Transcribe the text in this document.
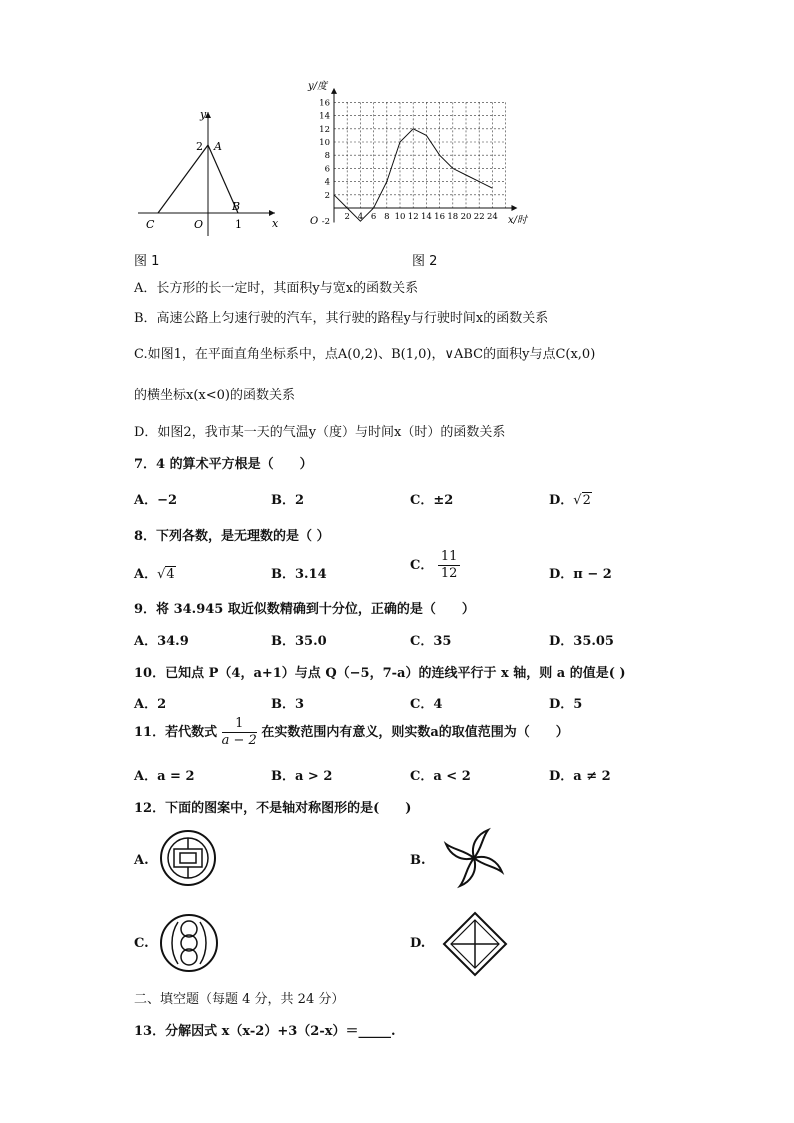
y
x
O
C
B
A
2
1
图 1
2 4 6 8 10 12 14 16 18 20 22 24
16
14
12
10
8
6
4
2
-2
y/度
x/时
O
图 2
A．长方形的长一定时，其面积y与宽x的函数关系
B．高速公路上匀速行驶的汽车，其行驶的路程y与行驶时间x的函数关系
C.如图1，在平面直角坐标系中，点A(0,2)、B(1,0)，∨ABC的面积y与点C(x,0)
的横坐标x(x<0)的函数关系
D．如图2，我市某一天的气温y（度）与时间x（时）的函数关系
7．4 的算术平方根是（　　）
A．−2	B．2	C．±2	D．√2
8．下列各数，是无理数的是（ ）
A．√4	B．3.14
C． $\frac{11}{12}$	D．π − 2
9．将 34.945 取近似数精确到十分位，正确的是（　　）
A．34.9	B．35.0	C．35	D．35.05
10．已知点 P（4，a+1）与点 Q（−5，7-a）的连线平行于 x 轴，则 a 的值是( )
A．2	B．3	C．4	D．5
11．若代数式 $\frac{1}{a - 2}$ 在实数范围内有意义，则实数a的取值范围为（　　）
A．a = 2	B．a > 2	C．a < 2	D．a ≠ 2
12．下面的图案中，不是轴对称图形的是(　　)
A.	B.
C.	D.
二、填空题（每题 4 分，共 24 分）
13．分解因式 x（x-2）+3（2-x）＝_____.
